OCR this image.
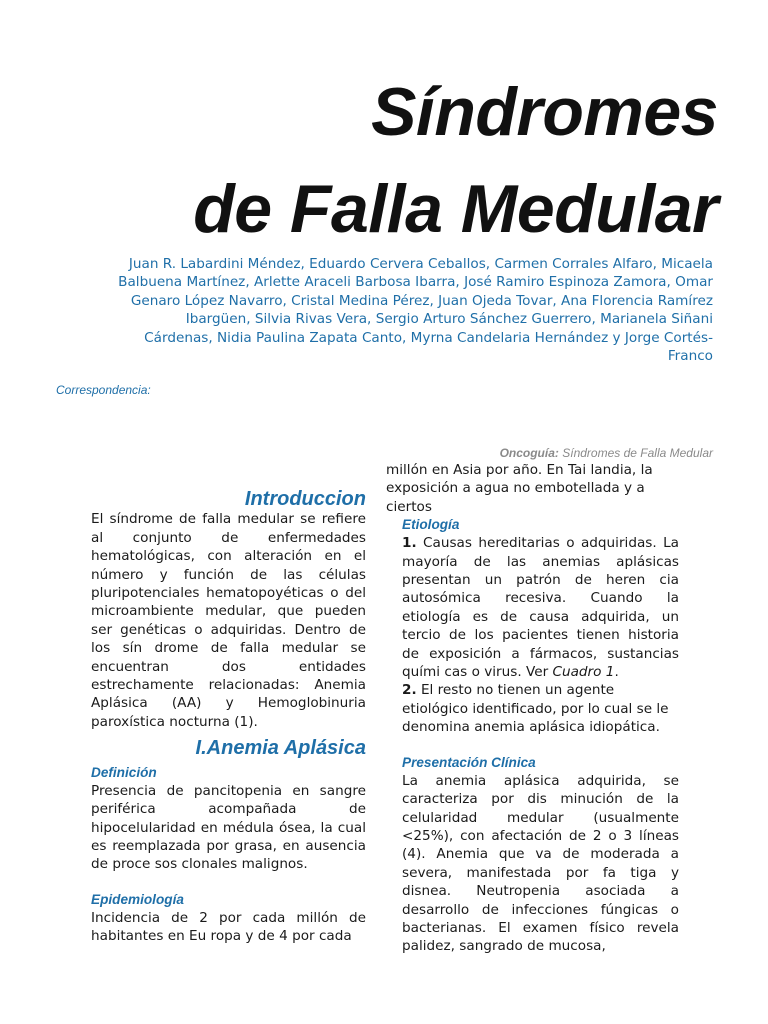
Síndromes
de Falla Medular
Juan R. Labardini Méndez, Eduardo Cervera Ceballos, Carmen Corrales Alfaro, Micaela Balbuena Martínez, Arlette Araceli Barbosa Ibarra, José Ramiro Espinoza Zamora, Omar Genaro López Navarro, Cristal Medina Pérez, Juan Ojeda Tovar, Ana Florencia Ramírez Ibargüen, Silvia Rivas Vera, Sergio Arturo Sánchez Guerrero, Marianela Siñani Cárdenas, Nidia Paulina Zapata Canto, Myrna Candelaria Hernández y Jorge Cortés-Franco
Correspondencia:
Oncoguía: Síndromes de Falla Medular
Introduccion

El síndrome de falla medular se refiere al conjunto de enfermedades hematológicas, con alteración en el número y función de las células pluripotenciales hematopoyéticas o del microambiente medular, que pueden ser genéticas o adquiridas. Dentro de los sín drome de falla medular se encuentran dos entidades estrechamente relacionadas: Anemia Aplásica (AA) y Hemoglobinuria paroxística nocturna (1).

I.Anemia Aplásica
Definición

Presencia de pancitopenia en sangre periférica acompañada de hipocelularidad en médula ósea, la cual es reemplazada por grasa, en ausencia de proce sos clonales malignos.

Epidemiología

Incidencia de 2 por cada millón de habitantes en Eu ropa y de 4 por cada

millón en Asia por año. En Tai landia, la exposición a agua no embotellada y a ciertos

Etiología

1. Causas hereditarias o adquiridas. La mayoría de las anemias aplásicas presentan un patrón de heren cia autosómica recesiva. Cuando la etiología es de causa adquirida, un tercio de los pacientes tienen historia de exposición a fármacos, sustancias quími cas o virus. Ver Cuadro 1.

2. El resto no tienen un agente etiológico identificado, por lo cual se le denomina anemia aplásica idiopática.

Presentación Clínica

La anemia aplásica adquirida, se caracteriza por dis minución de la celularidad medular (usualmente <25%), con afectación de 2 o 3 líneas (4). Anemia que va de moderada a severa, manifestada por fa tiga y disnea. Neutropenia asociada a desarrollo de infecciones fúngicas o bacterianas. El examen físico revela palidez, sangrado de mucosa,
